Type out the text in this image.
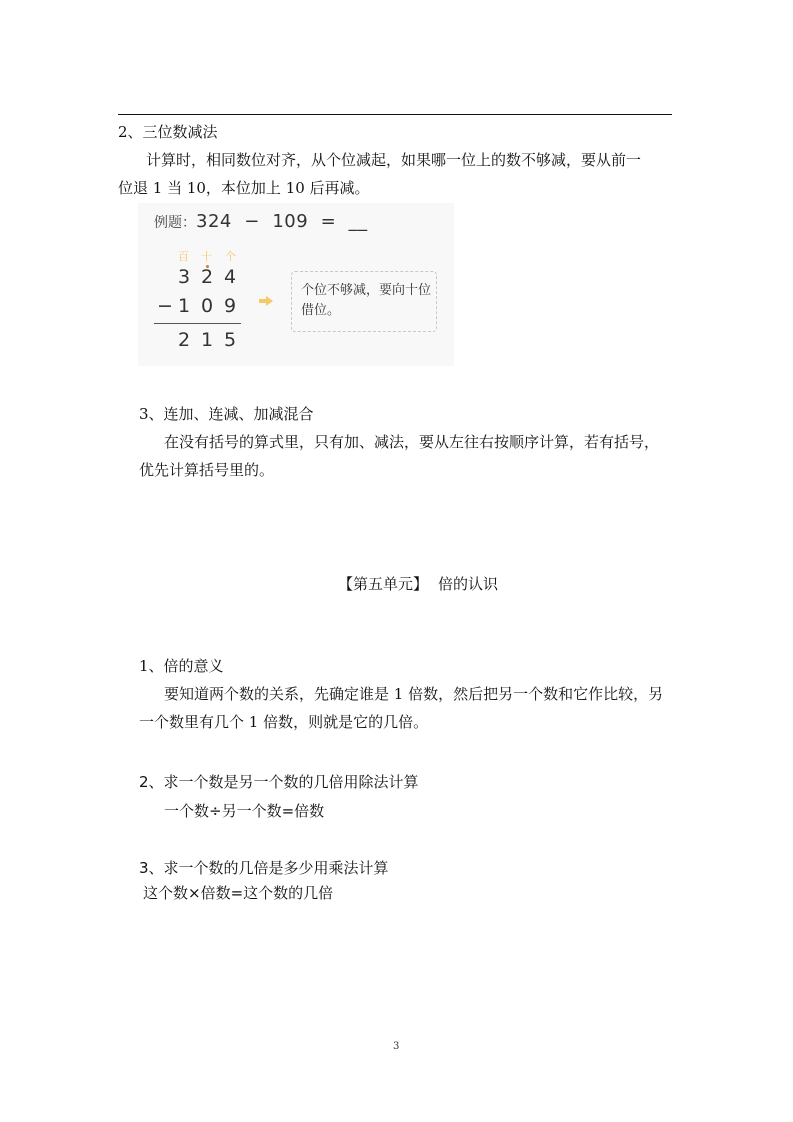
2、三位数减法
计算时，相同数位对齐，从个位减起，如果哪一位上的数不够减，要从前一
位退 1 当 10，本位加上 10 后再减。
例题：324  −  109  =  __
百 十 个
3 2 4
− 1 0 9
2 1 5
个位不够减，要向十位借位。
3、连加、连减、加减混合
在没有括号的算式里，只有加、减法，要从左往右按顺序计算，若有括号，
优先计算括号里的。
【第五单元】 倍的认识
1、倍的意义
要知道两个数的关系，先确定谁是 1 倍数，然后把另一个数和它作比较，另
一个数里有几个 1 倍数，则就是它的几倍。
2、求一个数是另一个数的几倍用除法计算
一个数÷另一个数=倍数
3、求一个数的几倍是多少用乘法计算
这个数×倍数=这个数的几倍
3
